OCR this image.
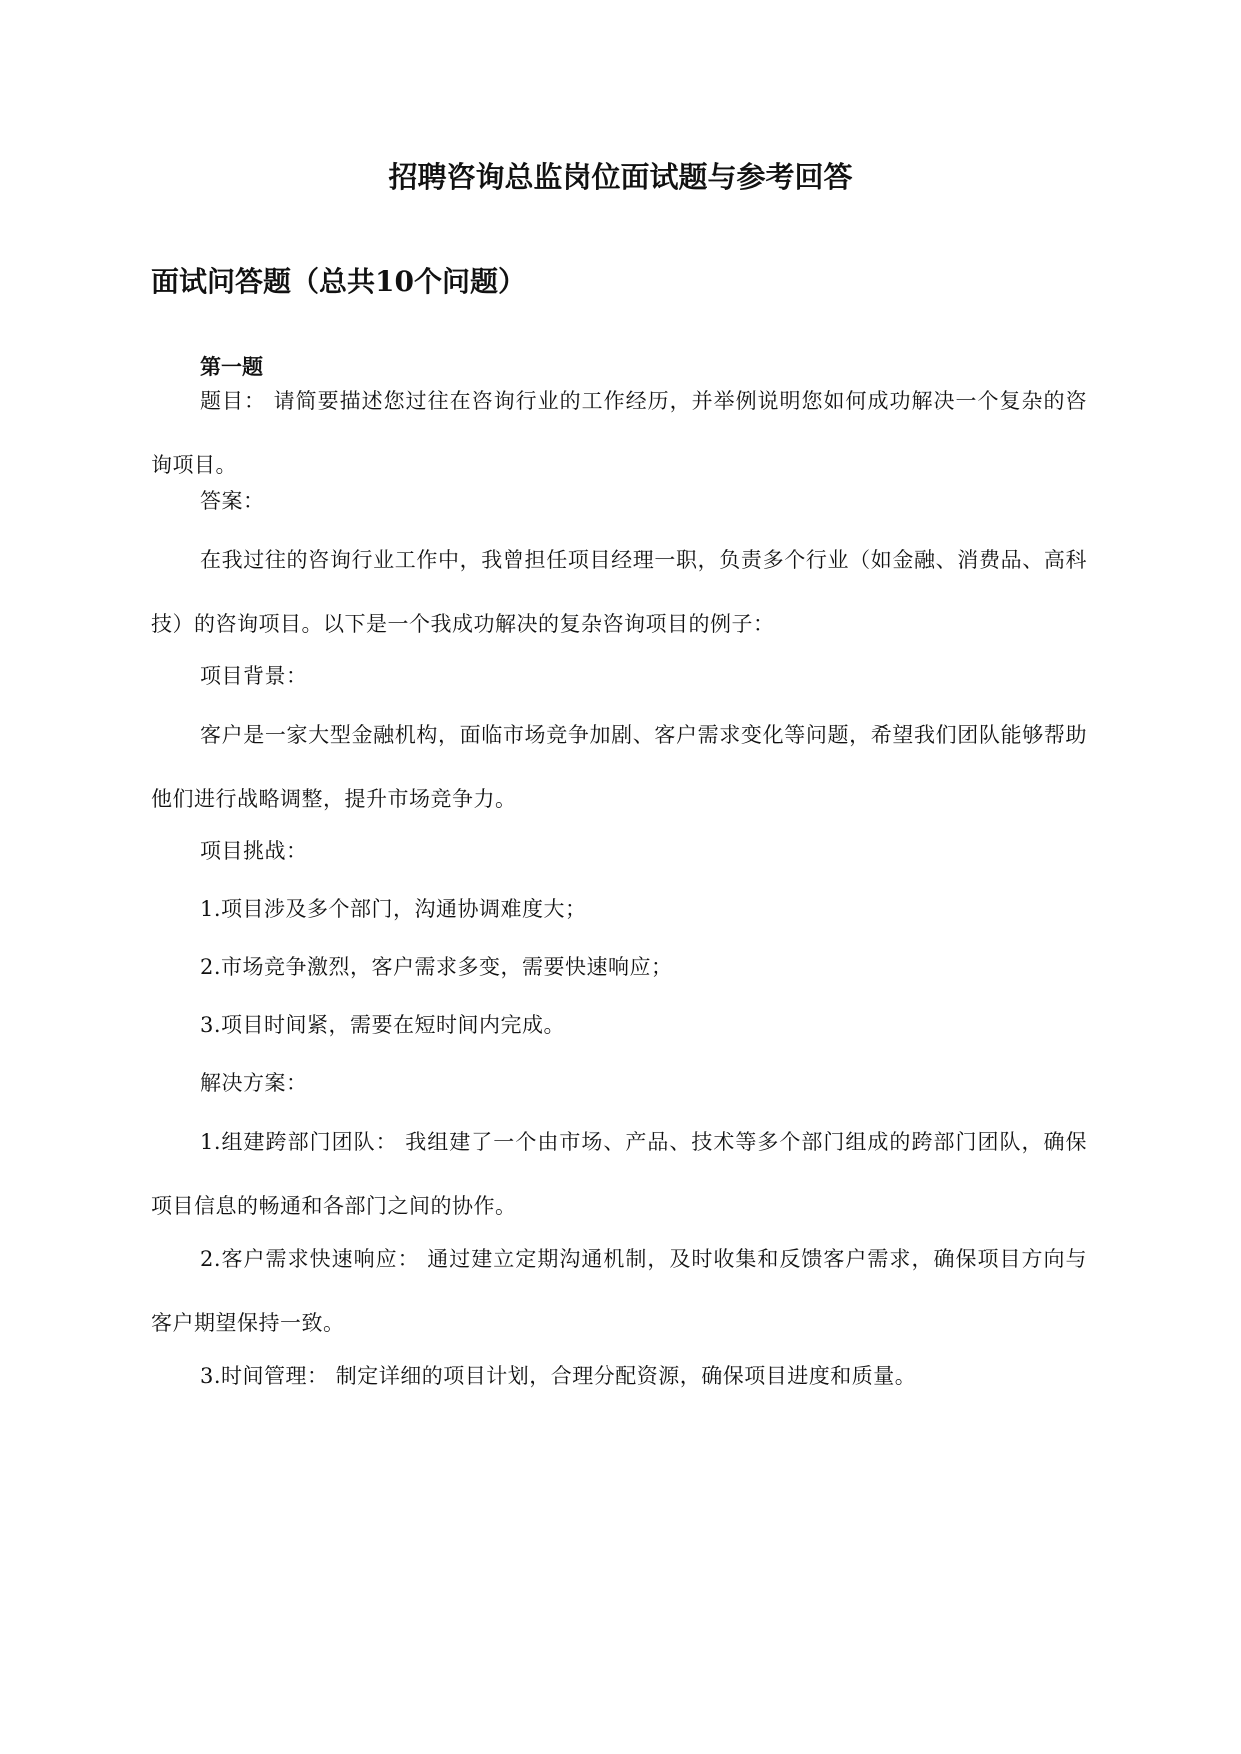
招聘咨询总监岗位面试题与参考回答
面试问答题（总共10个问题）
第一题

题目： 请简要描述您过往在咨询行业的工作经历，并举例说明您如何成功解决一个复杂的咨询项目。

答案：

在我过往的咨询行业工作中，我曾担任项目经理一职，负责多个行业（如金融、消费品、高科技）的咨询项目。以下是一个我成功解决的复杂咨询项目的例子：

项目背景：

客户是一家大型金融机构，面临市场竞争加剧、客户需求变化等问题，希望我们团队能够帮助他们进行战略调整，提升市场竞争力。

项目挑战：
1.项目涉及多个部门，沟通协调难度大；
2.市场竞争激烈，客户需求多变，需要快速响应；
3.项目时间紧，需要在短时间内完成。
解决方案：

1.组建跨部门团队： 我组建了一个由市场、产品、技术等多个部门组成的跨部门团队，确保项目信息的畅通和各部门之间的协作。

2.客户需求快速响应： 通过建立定期沟通机制，及时收集和反馈客户需求，确保项目方向与客户期望保持一致。

3.时间管理： 制定详细的项目计划，合理分配资源，确保项目进度和质量。
